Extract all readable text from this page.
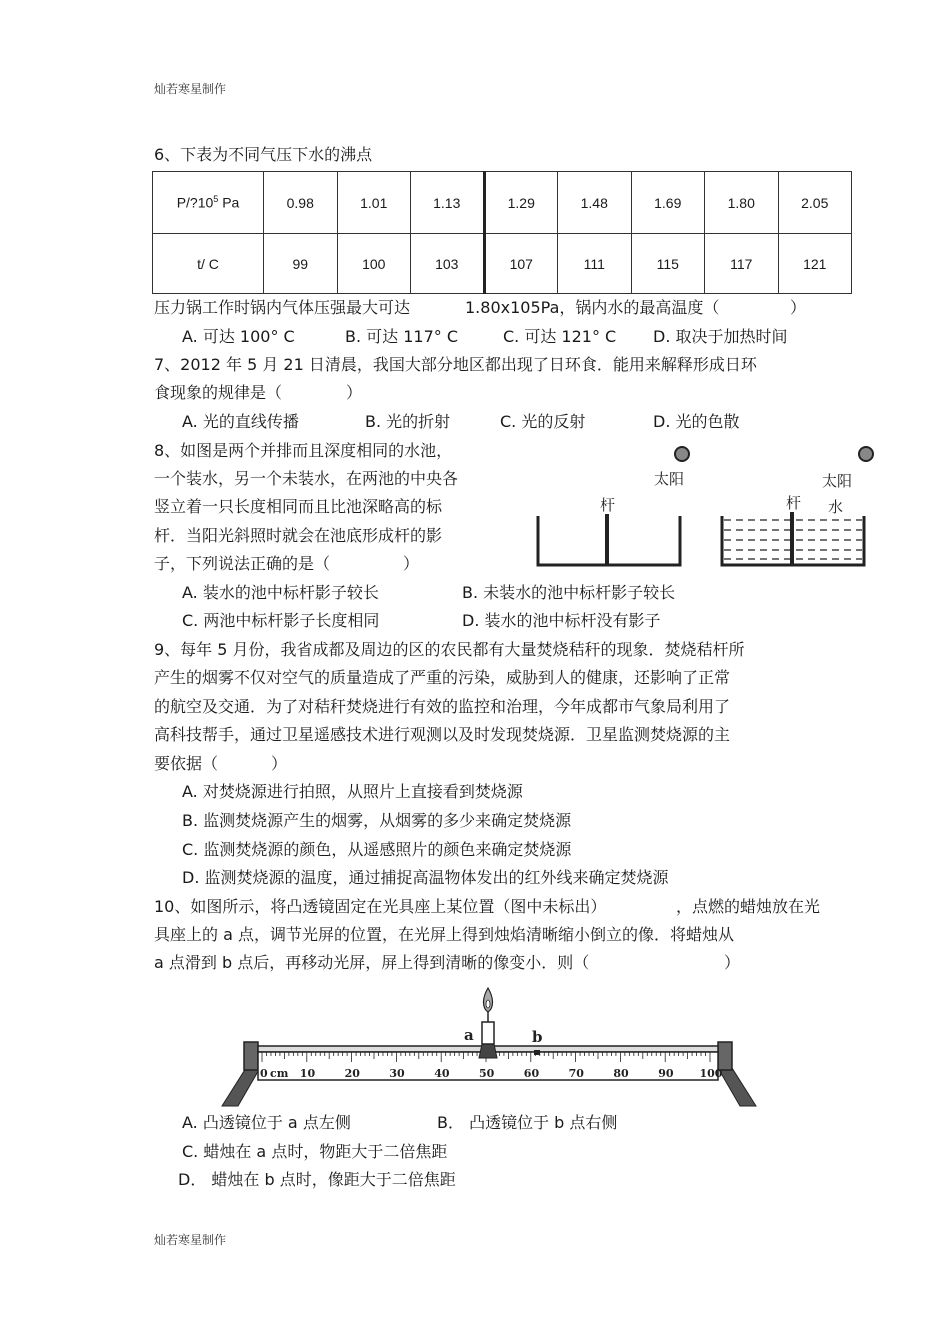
灿若寒星制作
6、下表为不同气压下水的沸点
$P/?10^5$ Pa	0.98	1.01	1.13	1.29	1.48	1.69	1.80	2.05
t/ C	99	100	103	107	111	115	117	121
压力锅工作时锅内气体压强最大可达	1.80x105Pa，锅内水的最高温度（	）
A. 可达 100° C	B. 可达 117° C	C. 可达 121° C D. 取决于加热时间
7、2012 年 5 月 21 日清晨，我国大部分地区都出现了日环食．能用来解释形成日环
食现象的规律是（	）
A. 光的直线传播	B. 光的折射	C. 光的反射	D. 光的色散
8、如图是两个并排而且深度相同的水池，
一个装水，另一个未装水，在两池的中央各
竖立着一只长度相同而且比池深略高的标
杆．当阳光斜照时就会在池底形成杆的影
子，下列说法正确的是（	）
太阳
杆
太阳
杆 水
A. 装水的池中标杆影子较长	B. 未装水的池中标杆影子较长
C. 两池中标杆影子长度相同	D. 装水的池中标杆没有影子
9、每年 5 月份，我省成都及周边的区的农民都有大量焚烧秸秆的现象．焚烧秸杆所
产生的烟雾不仅对空气的质量造成了严重的污染，威胁到人的健康，还影响了正常
的航空及交通．为了对秸秆焚烧进行有效的监控和治理，今年成都市气象局利用了
高科技帮手，通过卫星遥感技术进行观测以及时发现焚烧源．卫星监测焚烧源的主
要依据（	）
A. 对焚烧源进行拍照，从照片上直接看到焚烧源
B. 监测焚烧源产生的烟雾，从烟雾的多少来确定焚烧源
C. 监测焚烧源的颜色，从遥感照片的颜色来确定焚烧源
D. 监测焚烧源的温度，通过捕捉高温物体发出的红外线来确定焚烧源
10、如图所示，将凸透镜固定在光具座上某位置（图中未标出）	，点燃的蜡烛放在光
具座上的 a 点，调节光屏的位置，在光屏上得到烛焰清晰缩小倒立的像．将蜡烛从
a 点滑到 b 点后，再移动光屏，屏上得到清晰的像变小．则（	）
0	10	20	30	40	50	60	70	80	90 100
cm
a	b
A. 凸透镜位于 a 点左侧	B． 凸透镜位于 b 点右侧
C. 蜡烛在 a 点时，物距大于二倍焦距
D． 蜡烛在 b 点时，像距大于二倍焦距
灿若寒星制作
